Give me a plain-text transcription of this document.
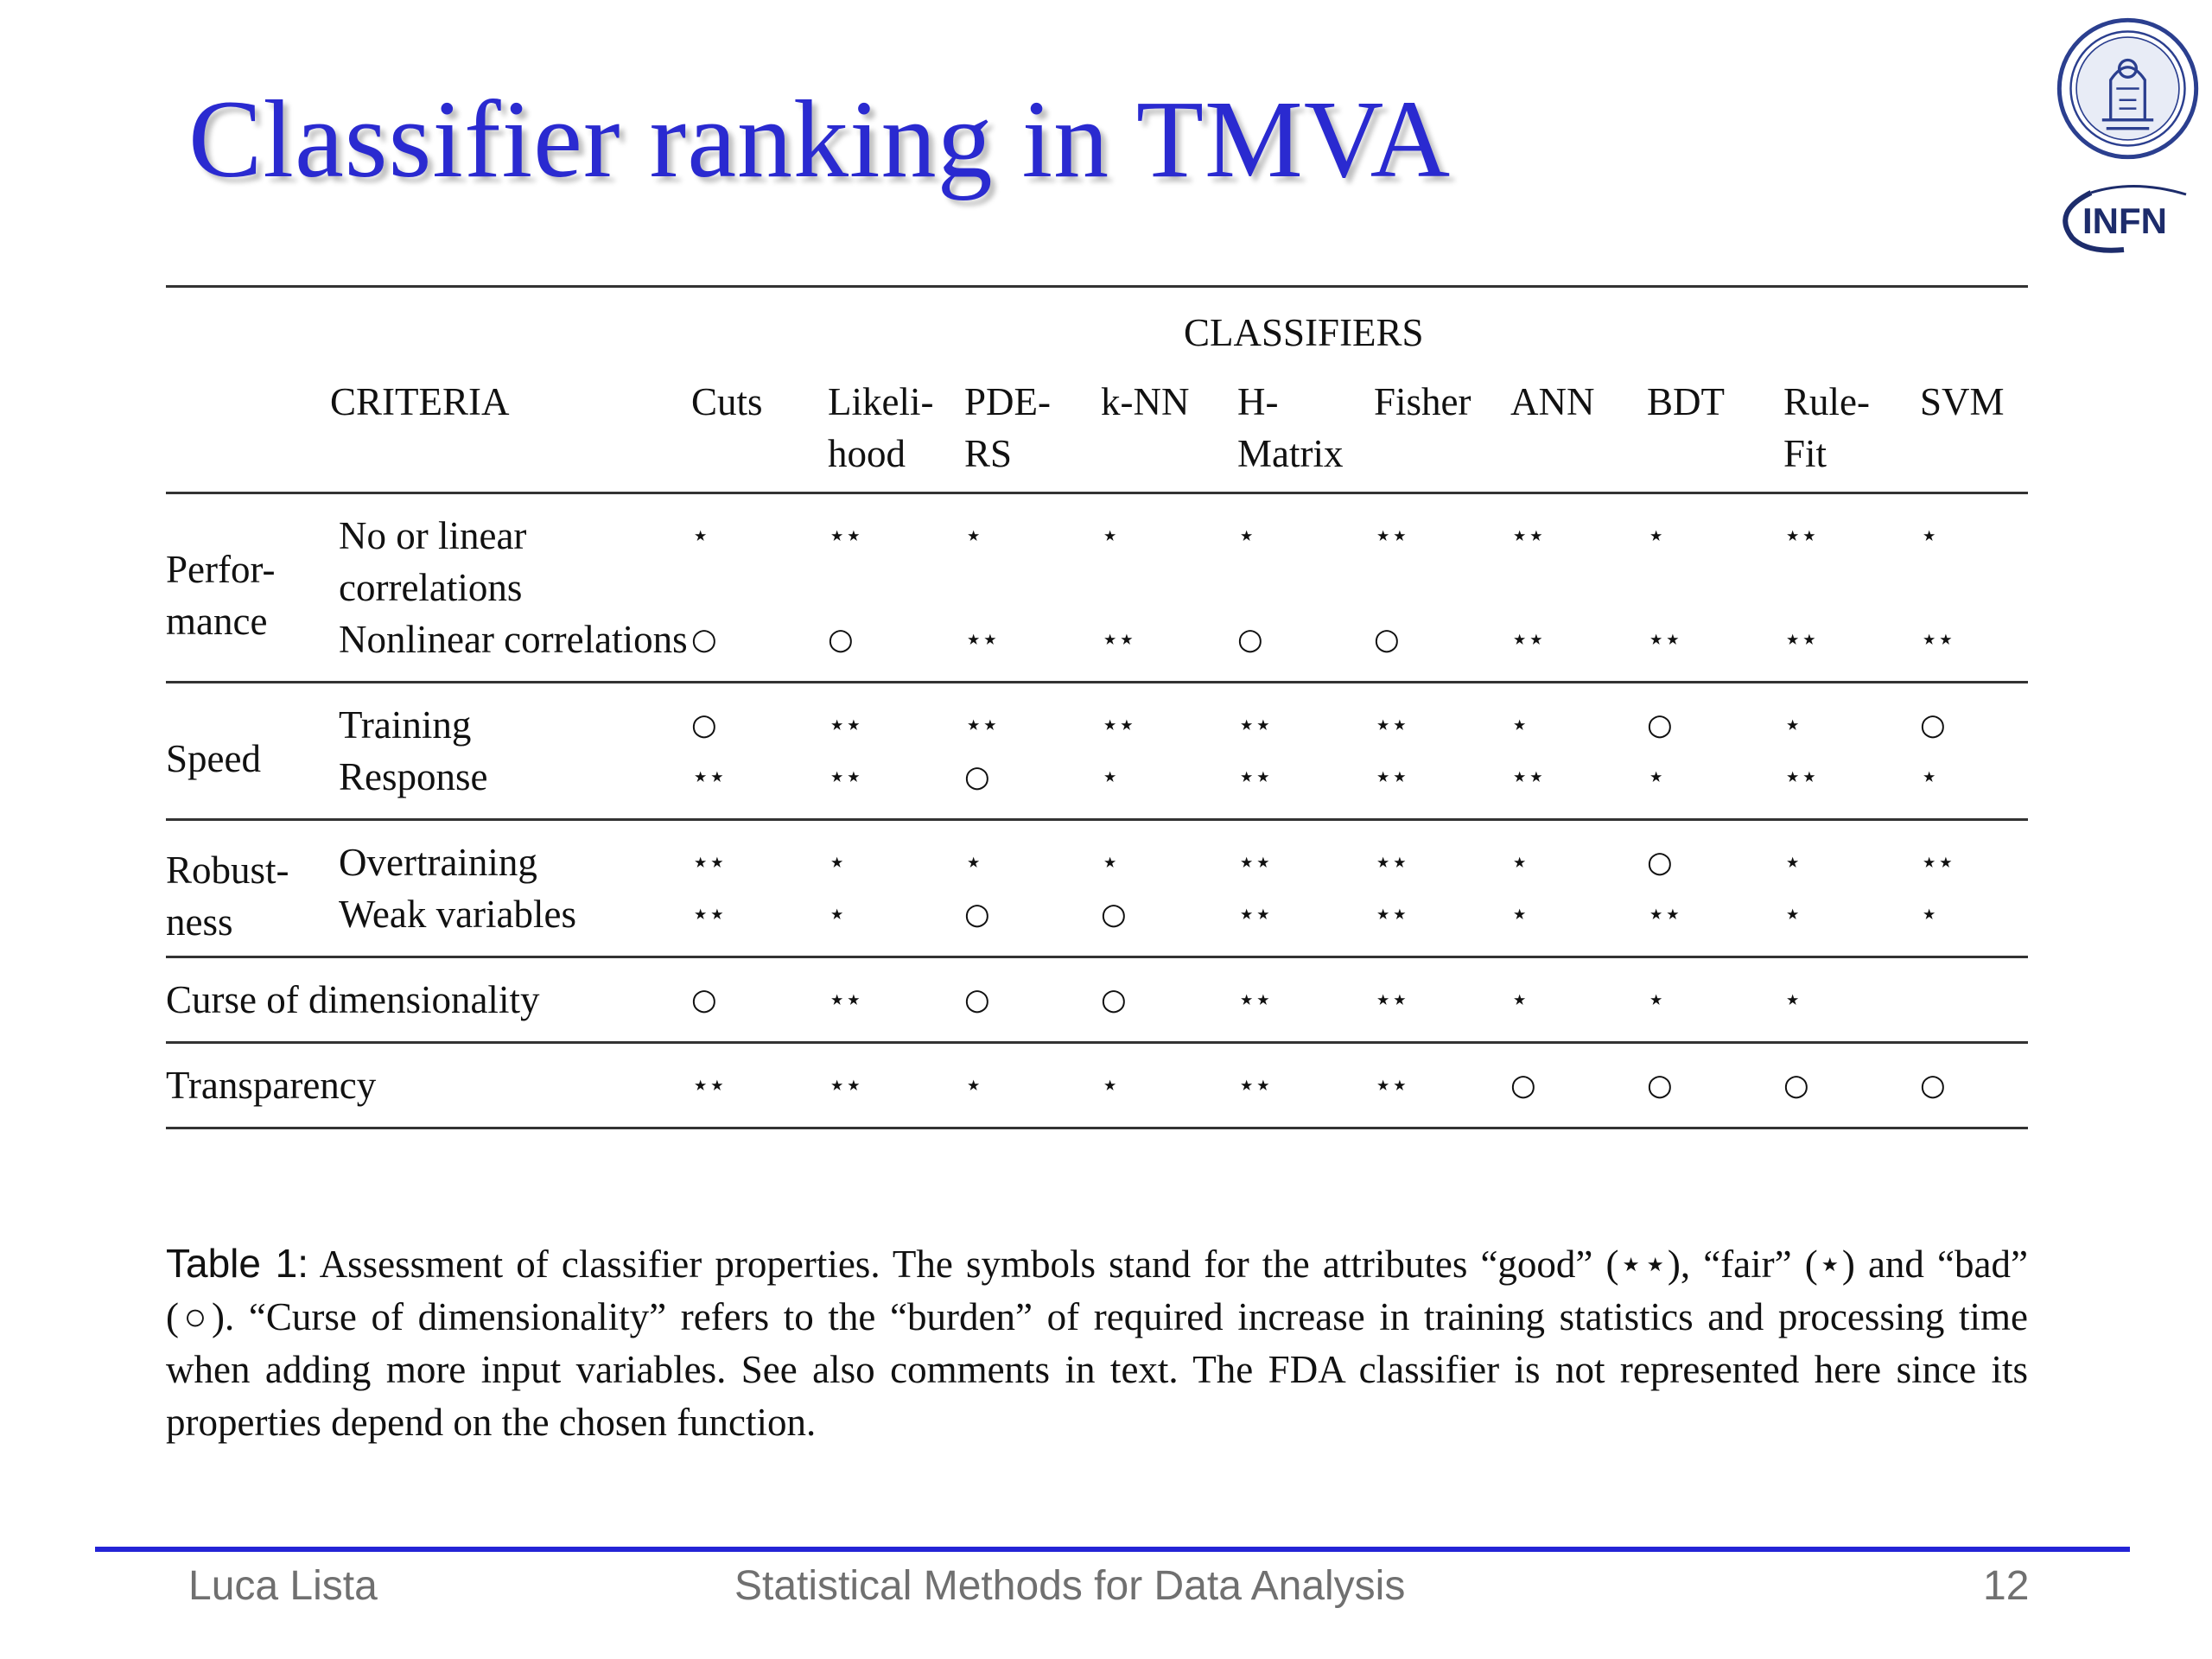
Classifier ranking in TMVA
INFN
		CLASSIFIERS									
CRITERIA		Cuts	Likeli-	PDE-	k-NN	H-	Fisher	ANN	BDT	Rule-	SVM
			hood	RS		Matrix				Fit	
Perfor-
mance	No or linear correlations	⋆	⋆⋆	⋆	⋆	⋆	⋆⋆	⋆⋆	⋆	⋆⋆	⋆
	Nonlinear correlations	○	○	⋆⋆	⋆⋆	○	○	⋆⋆	⋆⋆	⋆⋆	⋆⋆
Speed	Training	○	⋆⋆	⋆⋆	⋆⋆	⋆⋆	⋆⋆	⋆	○	⋆	○
	Response	⋆⋆	⋆⋆	○	⋆	⋆⋆	⋆⋆	⋆⋆	⋆	⋆⋆	⋆
Robust-
ness	Overtraining	⋆⋆	⋆	⋆	⋆	⋆⋆	⋆⋆	⋆	○	⋆	⋆⋆
	Weak variables	⋆⋆	⋆	○	○	⋆⋆	⋆⋆	⋆	⋆⋆	⋆	⋆
Curse of dimensionality		○	⋆⋆	○	○	⋆⋆	⋆⋆	⋆	⋆	⋆	
Transparency		⋆⋆	⋆⋆	⋆	⋆	⋆⋆	⋆⋆	○	○	○	○

Table 1: Assessment of classifier properties. The symbols stand for the attributes “good” (⋆⋆), “fair” (⋆) and “bad” (○). “Curse of dimensionality” refers to the “burden” of required increase in training statistics and processing time when adding more input variables. See also comments in text. The FDA classifier is not represented here since its properties depend on the chosen function.

Luca Lista	Statistical Methods for Data Analysis	12
